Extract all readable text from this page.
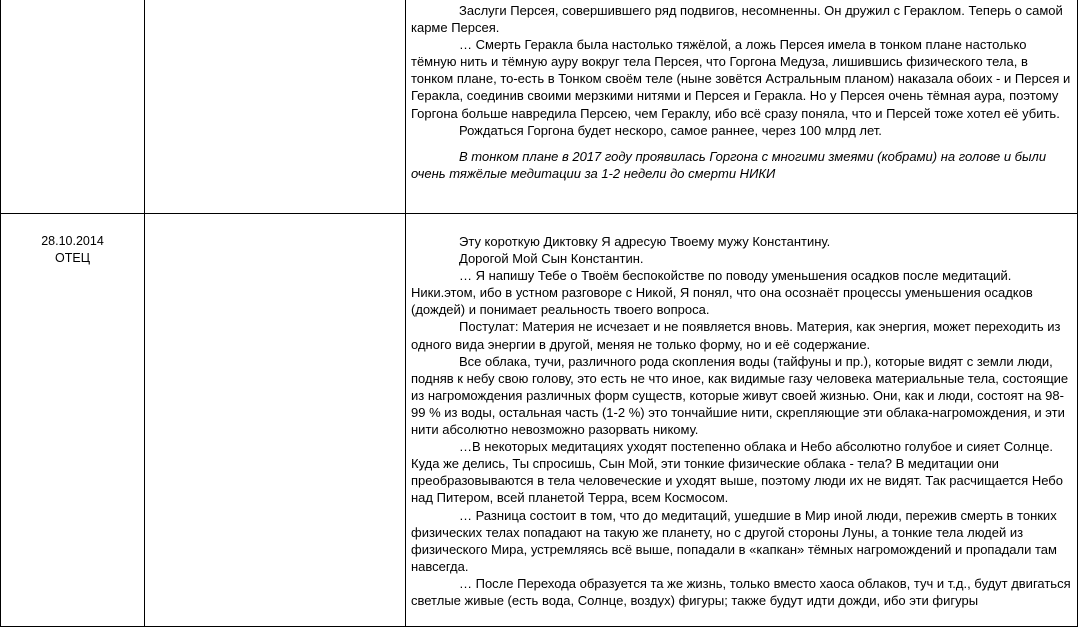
Заслуги Персея, совершившего ряд подвигов, несомненны. Он дружил с Гераклом. Теперь о самой карме Персея.

… Смерть Геракла была настолько тяжёлой, а ложь Персея имела в тонком плане настолько тёмную нить и тёмную ауру вокруг тела Персея, что Горгона Медуза, лишившись физического тела, в тонком плане, то-есть в Тонком своём теле (ныне зовётся Астральным планом) наказала обоих - и Персея и Геракла, соединив своими мерзкими нитями и Персея и Геракла. Но у Персея очень тёмная аура, поэтому Горгона больше навредила Персею, чем Гераклу, ибо всё сразу поняла, что и Персей тоже хотел её убить.

Рождаться Горгона будет нескоро, самое раннее, через 100 млрд лет.

В тонком плане в 2017 году проявилась Горгона с многими змеями (кобрами) на голове и были очень тяжёлые медитации за 1-2 недели до смерти НИКИ

28.10.2014
ОТЕЦ

Эту короткую Диктовку Я адресую Твоему мужу Константину.

Дорогой Мой Сын Константин.

… Я напишу Тебе о Твоём беспокойстве по поводу уменьшения осадков после медитаций. Ники.этом, ибо в устном разговоре с Никой, Я понял, что она осознаёт процессы уменьшения осадков (дождей) и понимает реальность твоего вопроса.

Постулат: Материя не исчезает и не появляется вновь. Материя, как энергия, может переходить из одного вида энергии в другой, меняя не только форму, но и её содержание.

Все облака, тучи, различного рода скопления воды (тайфуны и пр.), которые видят с земли люди, подняв к небу свою голову, это есть не что иное, как видимые газу человека материальные тела, состоящие из нагромождения различных форм существ, которые живут своей жизнью. Они, как и люди, состоят на 98-99 % из воды, остальная часть (1-2 %) это тончайшие нити, скрепляющие эти облака-нагромождения, и эти нити абсолютно невозможно разорвать никому.

…В некоторых медитациях уходят постепенно облака и Небо абсолютно голубое и сияет Солнце. Куда же делись, Ты спросишь, Сын Мой, эти тонкие физические облака - тела? В медитации они преобразовываются в тела человеческие и уходят выше, поэтому люди их не видят. Так расчищается Небо над Питером, всей планетой Терра, всем Космосом.

… Разница состоит в том, что до медитаций, ушедшие в Мир иной люди, пережив смерть в тонких физических телах попадают на такую же планету, но с другой стороны Луны, а тонкие тела людей из физического Мира, устремляясь всё выше, попадали в «капкан» тёмных нагромождений и пропадали там навсегда.

… После Перехода образуется та же жизнь, только вместо хаоса облаков, туч и т.д., будут двигаться светлые живые (есть вода, Солнце, воздух) фигуры; также будут идти дожди, ибо эти фигуры
